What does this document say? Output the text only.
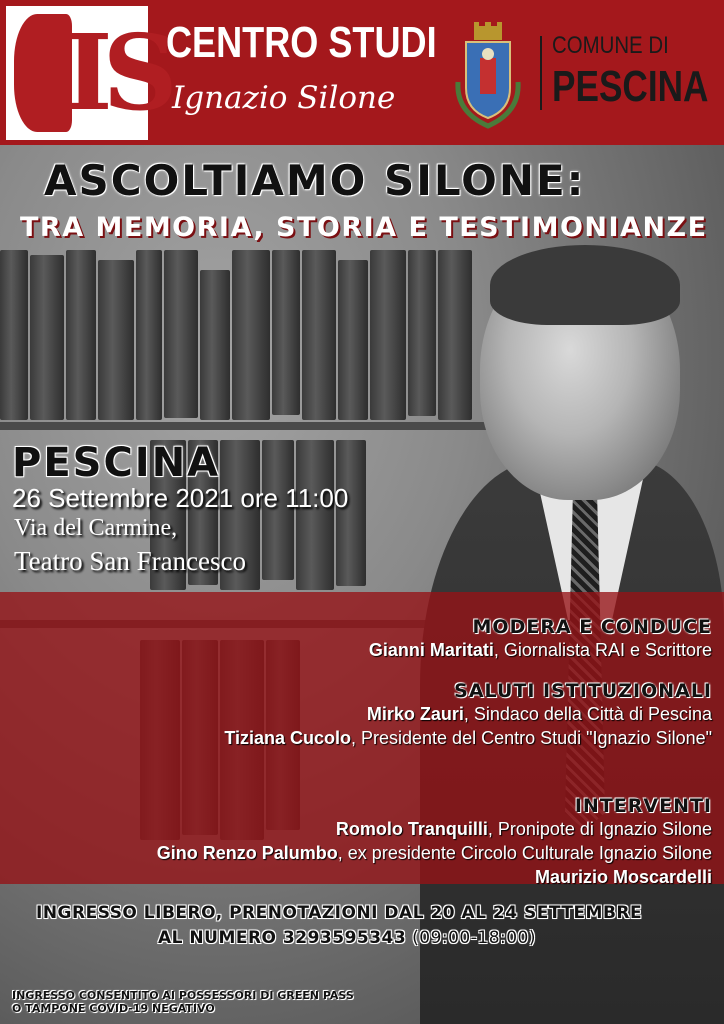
IS
CENTRO STUDI
Ignazio Silone
COMUNE DI
PESCINA
ASCOLTIAMO SILONE:
TRA MEMORIA, STORIA E TESTIMONIANZE
PESCINA
26 Settembre 2021 ore 11:00
Via del Carmine,
Teatro San Francesco
MODERA E CONDUCE
Gianni Maritati, Giornalista RAI e Scrittore
SALUTI ISTITUZIONALI
Mirko Zauri, Sindaco della Città di Pescina
Tiziana Cucolo, Presidente del Centro Studi "Ignazio Silone"
INTERVENTI
Romolo Tranquilli, Pronipote di Ignazio Silone
Gino Renzo Palumbo, ex presidente Circolo Culturale Ignazio Silone
Maurizio Moscardelli
INGRESSO LIBERO, PRENOTAZIONI DAL 20 AL 24 SETTEMBRE
AL NUMERO 3293595343 (09:00-18:00)
INGRESSO CONSENTITO AI POSSESSORI DI GREEN PASS
O TAMPONE COVID-19 NEGATIVO
